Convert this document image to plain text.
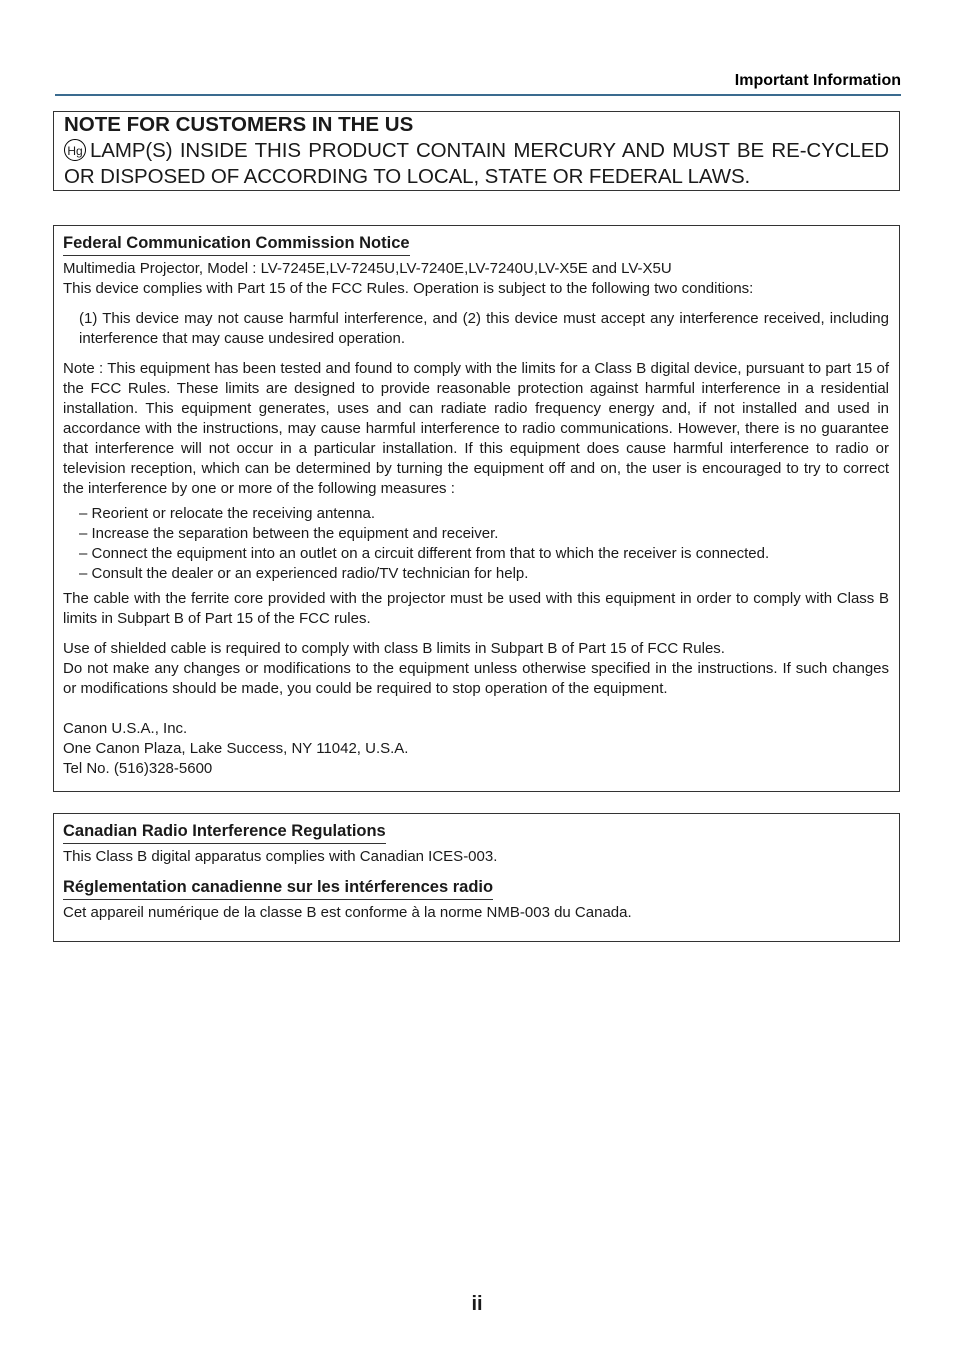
Important Information
NOTE FOR CUSTOMERS IN THE US
Hg LAMP(S) INSIDE THIS PRODUCT CONTAIN MERCURY AND MUST BE RE-CYCLED OR DISPOSED OF ACCORDING TO LOCAL, STATE OR FEDERAL LAWS.
Federal Communication Commission Notice

Multimedia Projector, Model : LV-7245E,LV-7245U,LV-7240E,LV-7240U,LV-X5E and LV-X5U

This device complies with Part 15 of the FCC Rules. Operation is subject to the following two conditions:

(1) This device may not cause harmful interference, and (2) this device must accept any interference received, including interference that may cause undesired operation.

Note : This equipment has been tested and found to comply with the limits for a Class B digital device, pursuant to part 15 of the FCC Rules. These limits are designed to provide reasonable protection against harmful interference in a residential installation. This equipment generates, uses and can radiate radio frequency energy and, if not installed and used in accordance with the instructions, may cause harmful interference to radio communications. However, there is no guarantee that interference will not occur in a particular installation. If this equipment does cause harmful interference to radio or television reception, which can be determined by turning the equipment off and on, the user is encouraged to try to correct the interference by one or more of the following measures :

– Reorient or relocate the receiving antenna.
– Increase the separation between the equipment and receiver.
– Connect the equipment into an outlet on a circuit different from that to which the receiver is connected.
– Consult the dealer or an experienced radio/TV technician for help.

The cable with the ferrite core provided with the projector must be used with this equipment in order to comply with Class B limits in Subpart B of Part 15 of the FCC rules.

Use of shielded cable is required to comply with class B limits in Subpart B of Part 15 of FCC Rules.

Do not make any changes or modifications to the equipment unless otherwise specified in the instructions. If such changes or modifications should be made, you could be required to stop operation of the equipment.

Canon U.S.A., Inc.
One Canon Plaza, Lake Success, NY 11042, U.S.A.
Tel No. (516)328-5600
Canadian Radio Interference Regulations

This Class B digital apparatus complies with Canadian ICES-003.

Réglementation canadienne sur les intérferences radio

Cet appareil numérique de la classe B est conforme à la norme NMB-003 du Canada.

ii
